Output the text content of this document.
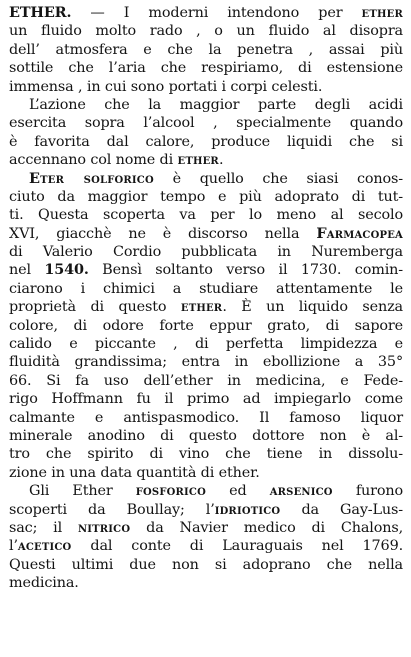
ETHER. — I moderni intendono per ether
un fluido molto rado , o un fluido al disopra
dell’ atmosfera e che la penetra , assai più
sottile che l’aria che respiriamo, di estensione
immensa , in cui sono portati i corpi celesti.
L’azione che la maggior parte degli acidi
esercita sopra l’alcool , specialmente quando
è favorita dal calore, produce liquidi che si
accennano col nome di ether.
Eter solforico è quello che siasi conos-
ciuto da maggior tempo e più adoprato di tut-
ti. Questa scoperta va per lo meno al secolo
XVI, giacchè ne è discorso nella Farmacopea
di Valerio Cordio pubblicata in Nuremberga
nel 1540. Bensì soltanto verso il 1730. comin-
ciarono i chimici a studiare attentamente le
proprietà di questo ether. È un liquido senza
colore, di odore forte eppur grato, di sapore
calido e piccante , di perfetta limpidezza e
fluidità grandissima; entra in ebollizione a 35°
66. Si fa uso dell’ether in medicina, e Fede-
rigo Hoffmann fu il primo ad impiegarlo come
calmante e antispasmodico. Il famoso liquor
minerale anodino di questo dottore non è al-
tro che spirito di vino che tiene in dissolu-
zione in una data quantità di ether.
Gli Ether fosforico ed arsenico furono
scoperti da Boullay; l’idriotico da Gay-Lus-
sac; il nitrico da Navier medico di Chalons,
l’acetico dal conte di Lauraguais nel 1769.
Questi ultimi due non si adoprano che nella
medicina.
